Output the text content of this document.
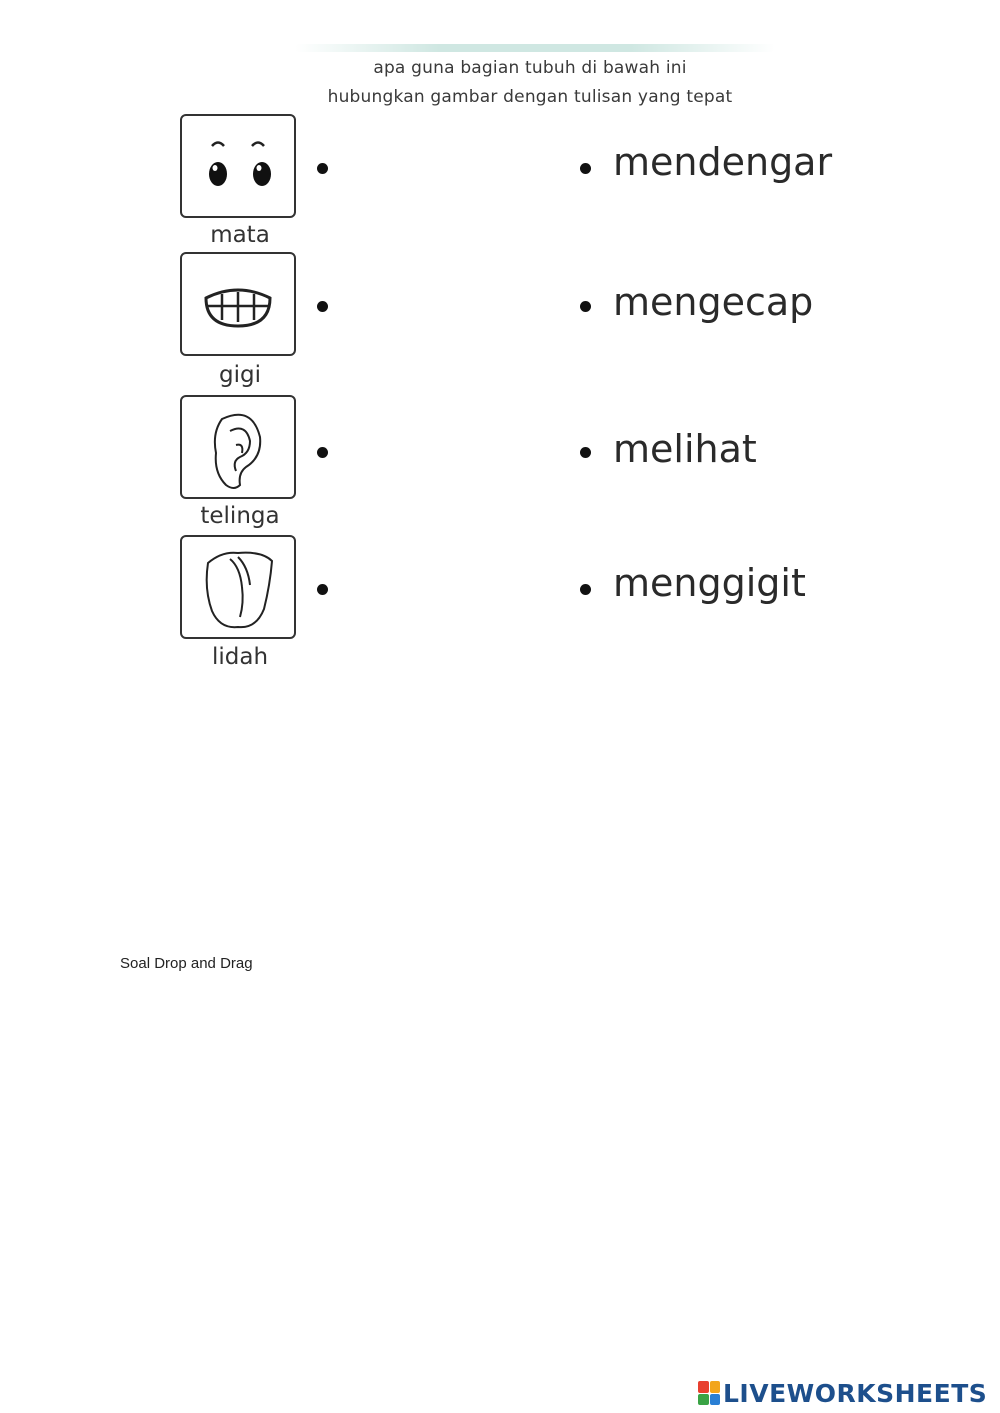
apa guna bagian tubuh di bawah ini
hubungkan gambar dengan tulisan yang tepat
mata
gigi
telinga
lidah
mendengar
mengecap
melihat
menggigit
Soal Drop and Drag
LIVEWORKSHEETS
